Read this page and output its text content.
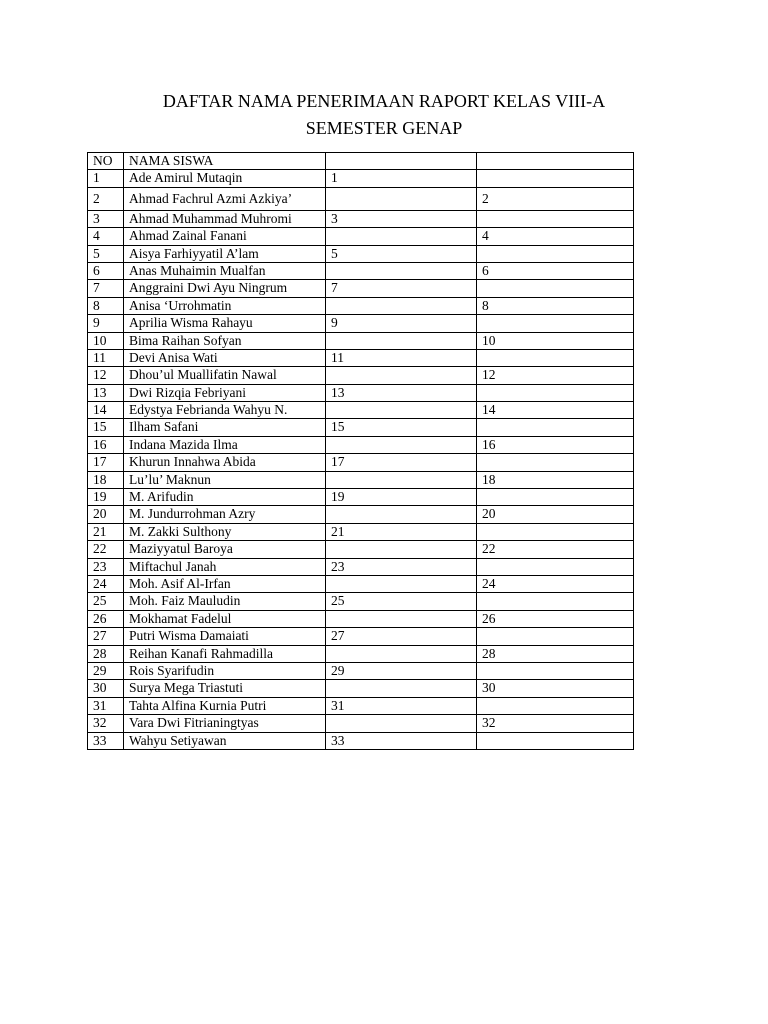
DAFTAR NAMA PENERIMAAN RAPORT KELAS VIII-A
SEMESTER GENAP
NO	NAMA SISWA		
1	Ade Amirul Mutaqin	1	
2	Ahmad Fachrul Azmi Azkiya’		2
3	Ahmad Muhammad Muhromi	3	
4	Ahmad Zainal Fanani		4
5	Aisya Farhiyyatil A’lam	5	
6	Anas Muhaimin Mualfan		6
7	Anggraini Dwi Ayu Ningrum	7	
8	Anisa ‘Urrohmatin		8
9	Aprilia Wisma Rahayu	9	
10	Bima Raihan Sofyan		10
11	Devi Anisa Wati	11	
12	Dhou’ul Muallifatin Nawal		12
13	Dwi Rizqia Febriyani	13	
14	Edystya Febrianda Wahyu N.		14
15	Ilham Safani	15	
16	Indana Mazida Ilma		16
17	Khurun Innahwa Abida	17	
18	Lu’lu’ Maknun		18
19	M. Arifudin	19	
20	M. Jundurrohman Azry		20
21	M. Zakki Sulthony	21	
22	Maziyyatul Baroya		22
23	Miftachul Janah	23	
24	Moh. Asif Al-Irfan		24
25	Moh. Faiz Mauludin	25	
26	Mokhamat Fadelul		26
27	Putri Wisma Damaiati	27	
28	Reihan Kanafi Rahmadilla		28
29	Rois Syarifudin	29	
30	Surya Mega Triastuti		30
31	Tahta Alfina Kurnia Putri	31	
32	Vara Dwi Fitrianingtyas		32
33	Wahyu Setiyawan	33	
